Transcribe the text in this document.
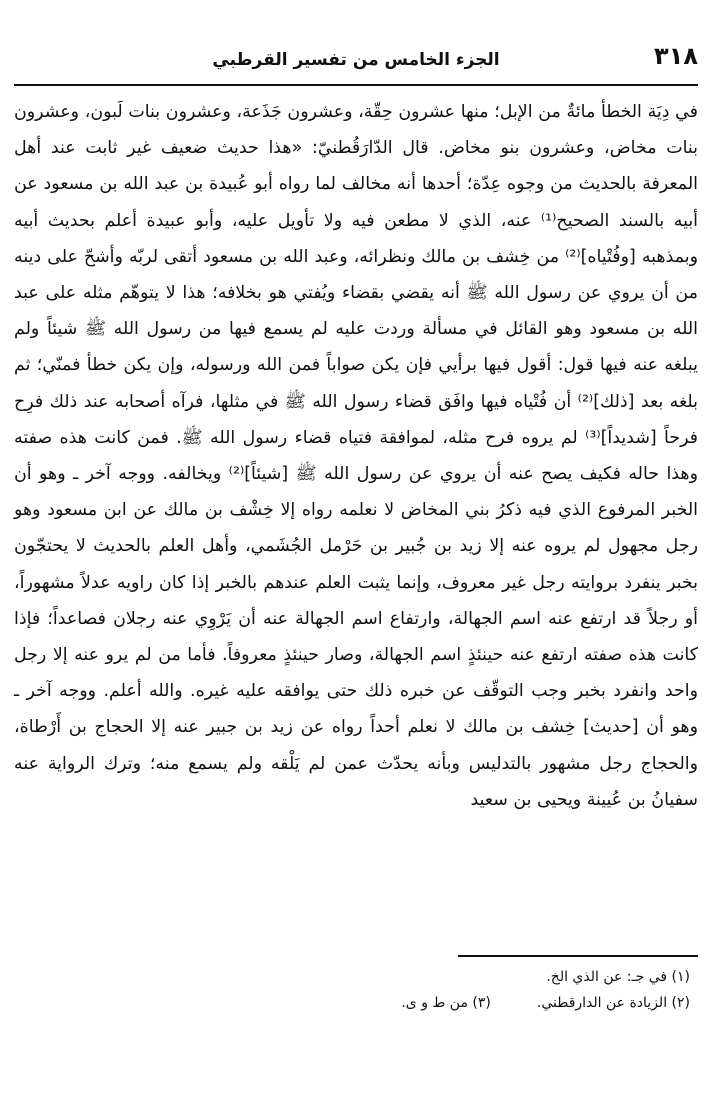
٣١٨
الجزء الخامس من تفسير القرطبي

في دِيَة الخطأ مائةٌ من الإبل؛ منها عشرون حِقّة، وعشرون جَذَعة، وعشرون بنات لَبون، وعشرون بنات مخاض، وعشرون بنو مخاض. قال الدّارَقُطنيّ: «هذا حديث ضعيف غير ثابت عند أهل المعرفة بالحديث من وجوه عِدّة؛ أحدها أنه مخالف لما رواه أبو عُبيدة بن عبد الله بن مسعود عن أبيه بالسند الصحيح⁽¹⁾ عنه، الذي لا مطعن فيه ولا تأويل عليه، وأبو عبيدة أعلم بحديث أبيه وبمذهبه [وفُتْياه]⁽²⁾ من خِشف بن مالك ونظرائه، وعبد الله بن مسعود أتقى لربّه وأشحّ على دينه من أن يروي عن رسول الله ﷺ أنه يقضي بقضاء ويُفتي هو بخلافه؛ هذا لا يتوهّم مثله على عبد الله بن مسعود وهو القائل في مسألة وردت عليه لم يسمع فيها من رسول الله ﷺ شيئاً ولم يبلغه عنه فيها قول: أقول فيها برأيي فإن يكن صواباً فمن الله ورسوله، وإن يكن خطأ فمنّي؛ ثم بلغه بعد [ذلك]⁽²⁾ أن فُتْياه فيها وافَق قضاء رسول الله ﷺ في مثلها، فرآه أصحابه عند ذلك فرِح فرحاً [شديداً]⁽³⁾ لم يروه فرح مثله، لموافقة فتياه قضاء رسول الله ﷺ. فمن كانت هذه صفته وهذا حاله فكيف يصح عنه أن يروي عن رسول الله ﷺ [شيئاً]⁽²⁾ ويخالفه. ووجه آخر ـ وهو أن الخبر المرفوع الذي فيه ذكرُ بني المخاض لا نعلمه رواه إلا خِشْف بن مالك عن ابن مسعود وهو رجل مجهول لم يروه عنه إلا زيد بن جُبير بن حَرْمل الجُشَمي، وأهل العلم بالحديث لا يحتجّون بخبر ينفرد بروايته رجل غير معروف، وإنما يثبت العلم عندهم بالخبر إذا كان راويه عدلاً مشهوراً، أو رجلاً قد ارتفع عنه اسم الجهالة، وارتفاع اسم الجهالة عنه أن يَرْوِي عنه رجلان فصاعداً؛ فإذا كانت هذه صفته ارتفع عنه حينئذٍ اسم الجهالة، وصار حينئذٍ معروفاً. فأما من لم يرو عنه إلا رجل واحد وانفرد بخبر وجب التوقّف عن خبره ذلك حتى يوافقه عليه غيره. والله أعلم. ووجه آخر ـ وهو أن [حديث] خِشف بن مالك لا نعلم أحداً رواه عن زيد بن جبير عنه إلا الحجاج بن أَرْطاة، والحجاج رجل مشهور بالتدليس وبأنه يحدّث عمن لم يَلْقه ولم يسمع منه؛ وترك الرواية عنه سفيانُ بن عُيينة ويحيى بن سعيد

(١) في جـ: عن الذي الخ.
(٢) الزيادة عن الدارقطني.
(٣) من ط و ى.
